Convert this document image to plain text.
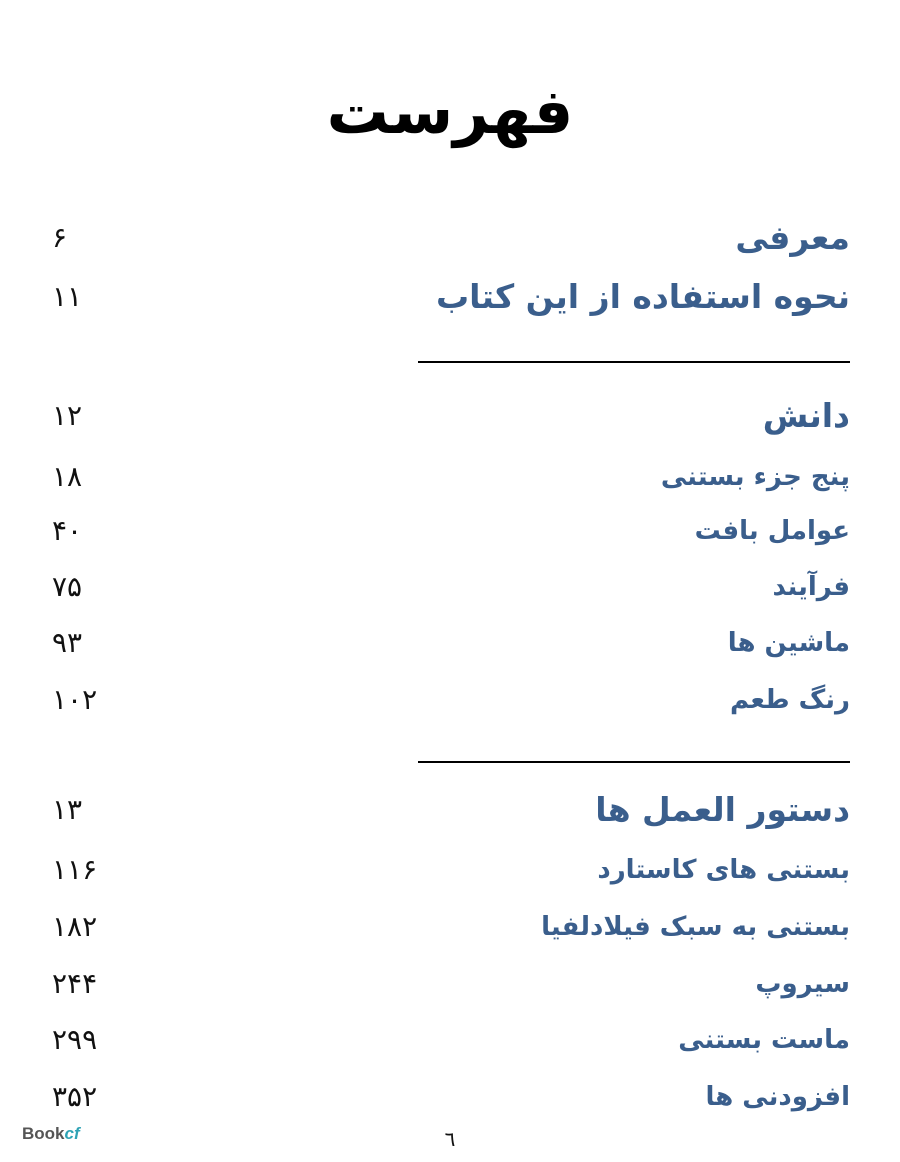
فهرست
معرفی
۶
نحوه استفاده از این کتاب
۱۱
دانش
۱۲
پنج جزء بستنی
۱۸
عوامل بافت
۴۰
فرآیند
۷۵
ماشین ها
۹۳
رنگ طعم
۱۰۲
دستور العمل ها
۱۳
بستنی های کاستارد
۱۱۶
بستنی به سبک فیلادلفیا
۱۸۲
سیروپ
۲۴۴
ماست بستنی
۲۹۹
افزودنی ها
۳۵۲
Bookcf	٦
